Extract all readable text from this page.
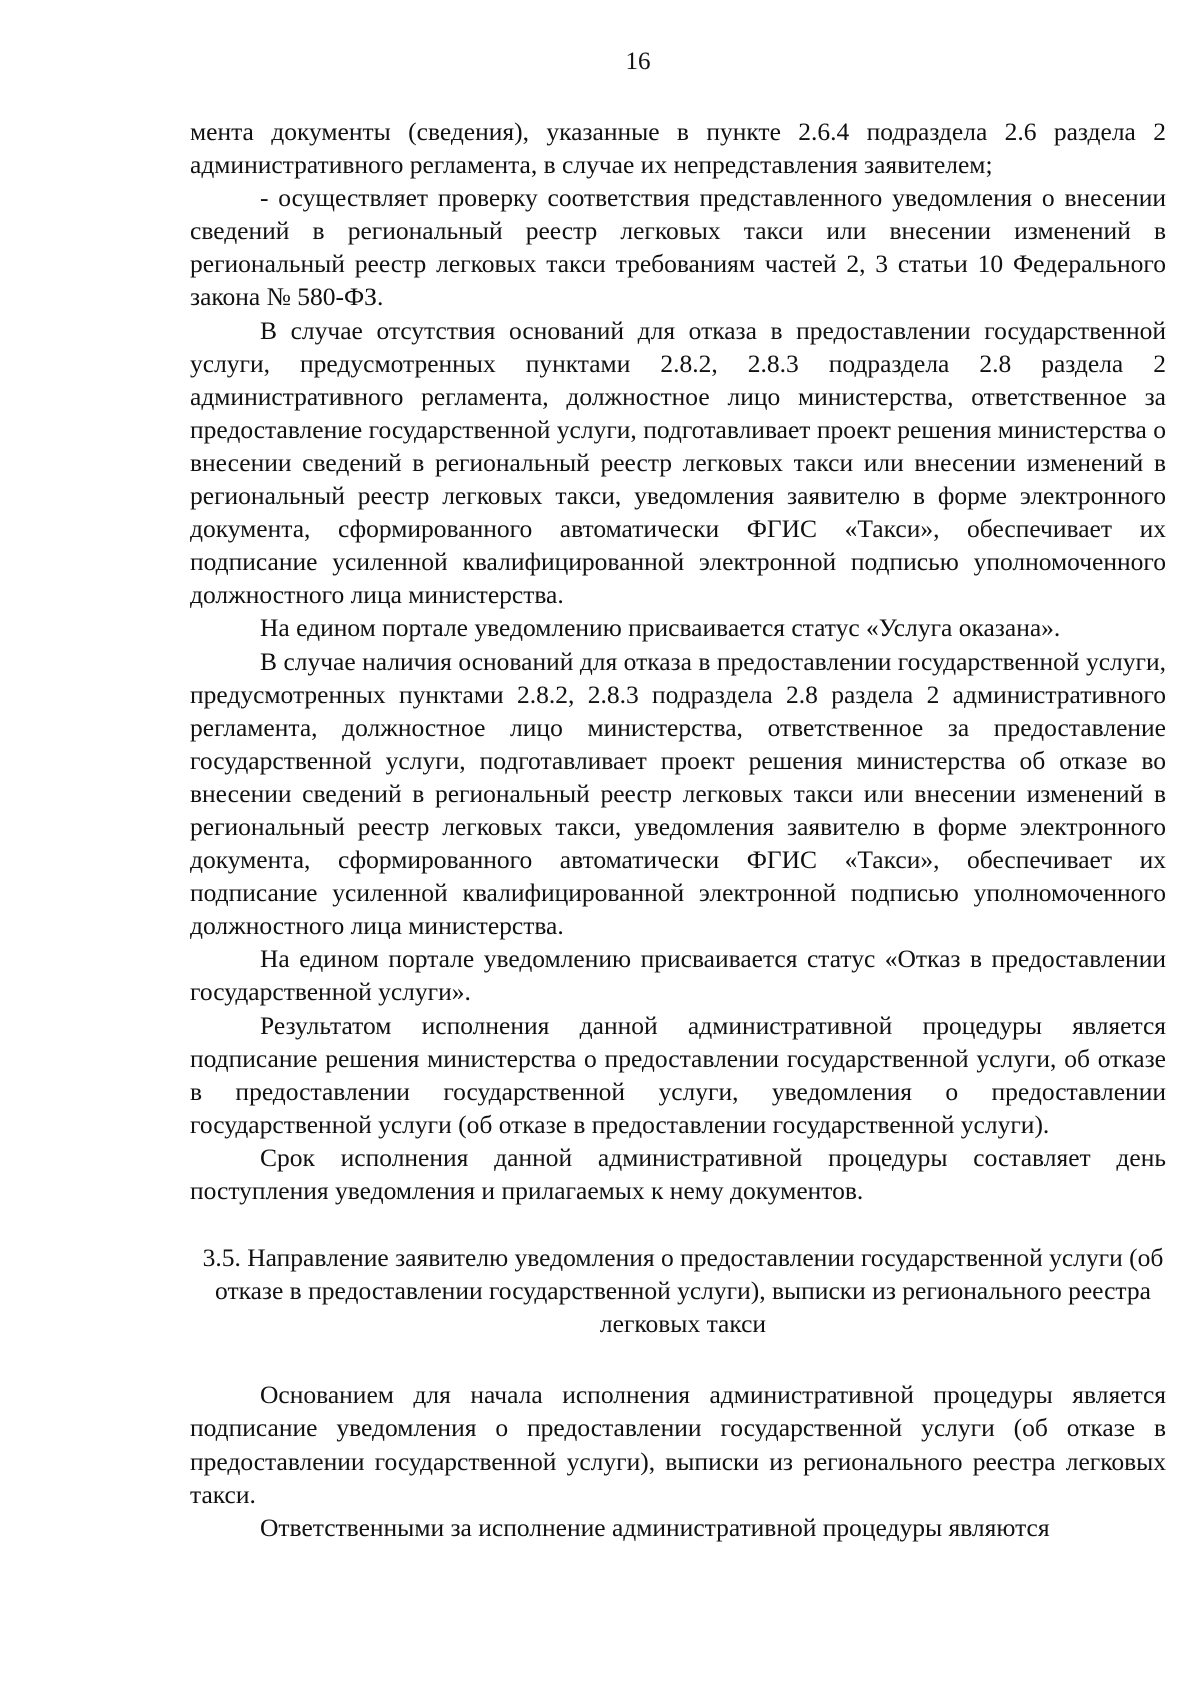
16

мента документы (сведения), указанные в пункте 2.6.4 подраздела 2.6 раздела 2 административного регламента, в случае их непредставления заявителем;

- осуществляет проверку соответствия представленного уведомления о внесении сведений в региональный реестр легковых такси или внесении изменений в региональный реестр легковых такси требованиям частей 2, 3 статьи 10 Федерального закона № 580-ФЗ.

В случае отсутствия оснований для отказа в предоставлении государственной услуги, предусмотренных пунктами 2.8.2, 2.8.3 подраздела 2.8 раздела 2 административного регламента, должностное лицо министерства, ответственное за предоставление государственной услуги, подготавливает проект решения министерства о внесении сведений в региональный реестр легковых такси или внесении изменений в региональный реестр легковых такси, уведомления заявителю в форме электронного документа, сформированного автоматически ФГИС «Такси», обеспечивает их подписание усиленной квалифицированной электронной подписью уполномоченного должностного лица министерства.

На едином портале уведомлению присваивается статус «Услуга оказана».

В случае наличия оснований для отказа в предоставлении государственной услуги, предусмотренных пунктами 2.8.2, 2.8.3 подраздела 2.8 раздела 2 административного регламента, должностное лицо министерства, ответственное за предоставление государственной услуги, подготавливает проект решения министерства об отказе во внесении сведений в региональный реестр легковых такси или внесении изменений в региональный реестр легковых такси, уведомления заявителю в форме электронного документа, сформированного автоматически ФГИС «Такси», обеспечивает их подписание усиленной квалифицированной электронной подписью уполномоченного должностного лица министерства.

На едином портале уведомлению присваивается статус «Отказ в предоставлении государственной услуги».

Результатом исполнения данной административной процедуры является подписание решения министерства о предоставлении государственной услуги, об отказе в предоставлении государственной услуги, уведомления о предоставлении государственной услуги (об отказе в предоставлении государственной услуги).

Срок исполнения данной административной процедуры составляет день поступления уведомления и прилагаемых к нему документов.

3.5. Направление заявителю уведомления о предоставлении государственной услуги (об отказе в предоставлении государственной услуги), выписки из регионального реестра легковых такси

Основанием для начала исполнения административной процедуры является подписание уведомления о предоставлении государственной услуги (об отказе в предоставлении государственной услуги), выписки из регионального реестра легковых такси.

Ответственными за исполнение административной процедуры являются
